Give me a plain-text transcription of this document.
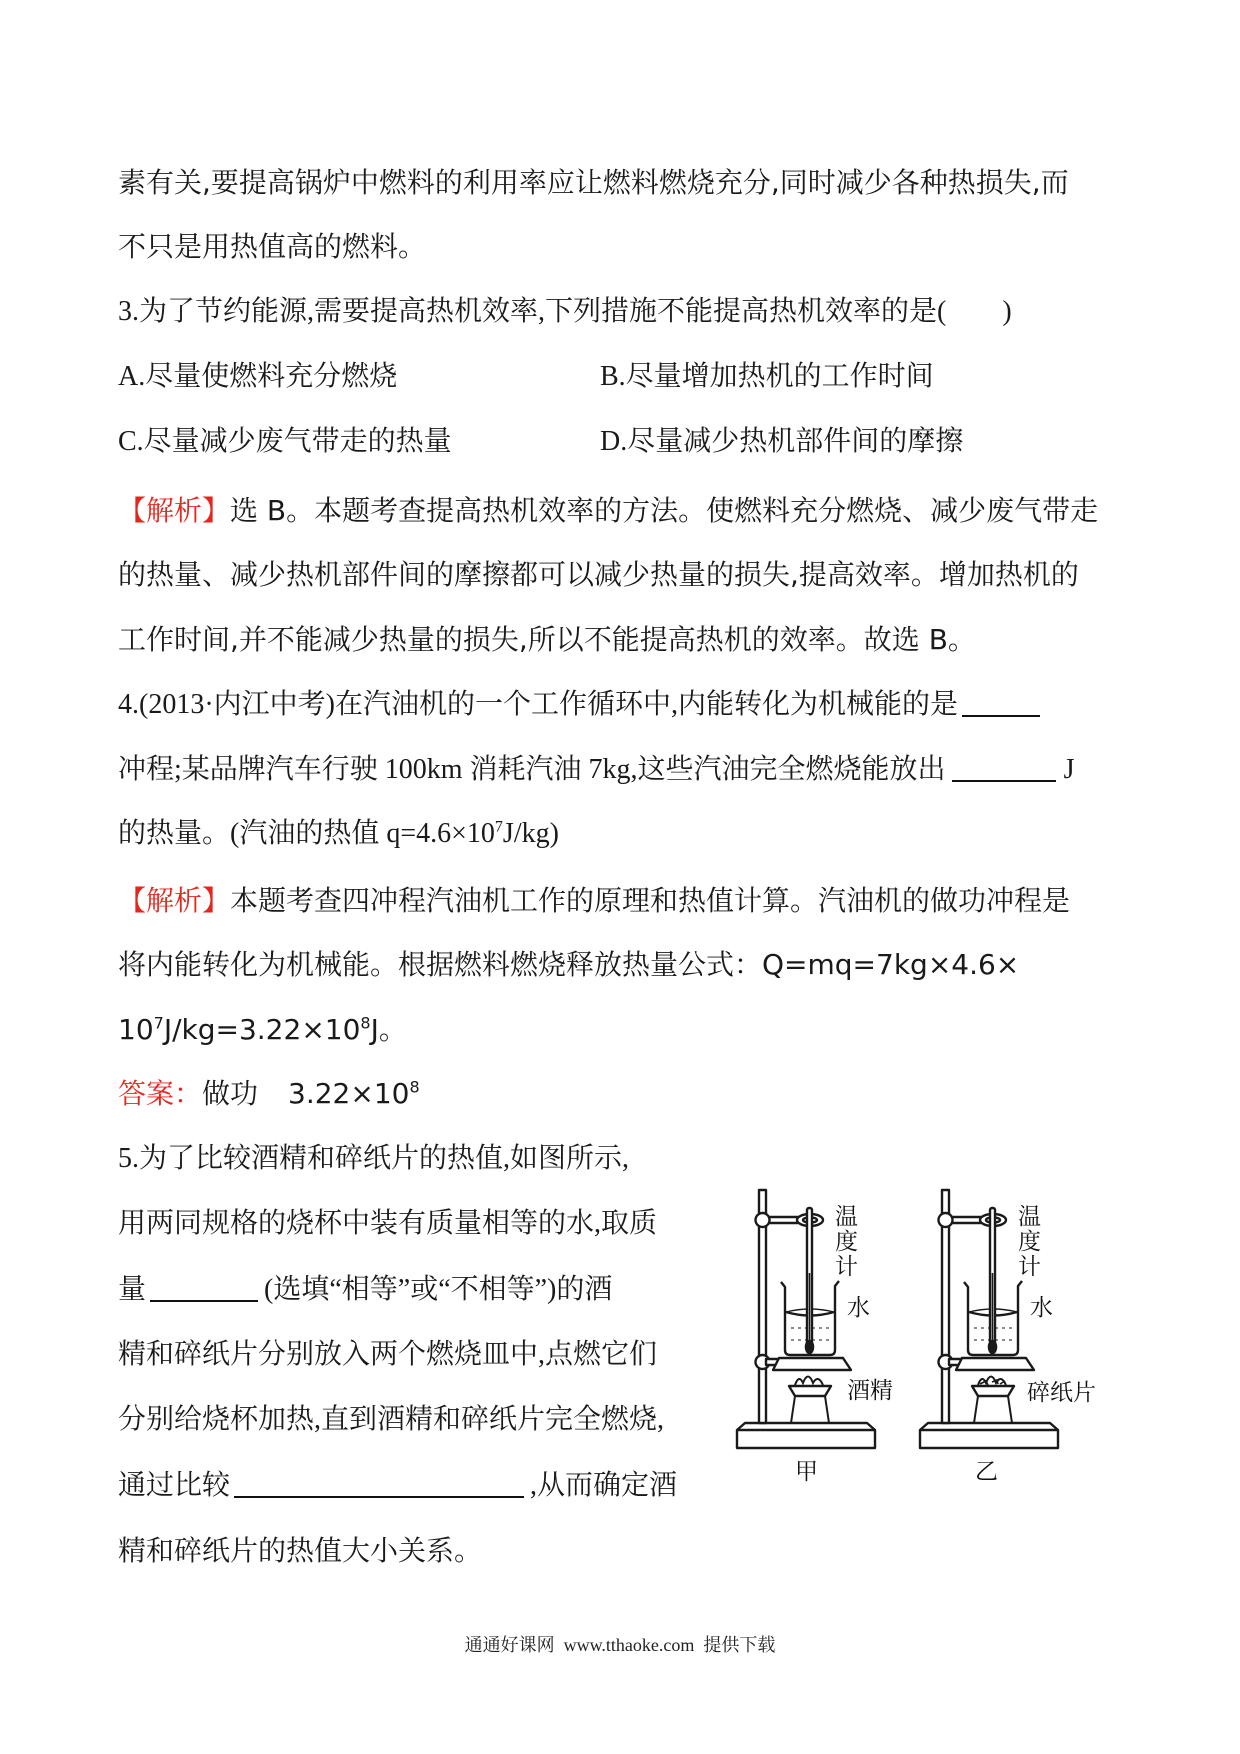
素有关,要提高锅炉中燃料的利用率应让燃料燃烧充分,同时减少各种热损失,而
不只是用热值高的燃料。
3.为了节约能源,需要提高热机效率,下列措施不能提高热机效率的是( )
A.尽量使燃料充分燃烧	B.尽量增加热机的工作时间
C.尽量减少废气带走的热量	D.尽量减少热机部件间的摩擦
【解析】选 B。本题考查提高热机效率的方法。使燃料充分燃烧、减少废气带走
的热量、减少热机部件间的摩擦都可以减少热量的损失,提高效率。增加热机的
工作时间,并不能减少热量的损失,所以不能提高热机的效率。故选 B。
4.(2013·内江中考)在汽油机的一个工作循环中,内能转化为机械能的是
冲程;某品牌汽车行驶 100km 消耗汽油 7kg,这些汽油完全燃烧能放出	J
的热量。(汽油的热值 $q=4.6\times 10^7J/kg$)
【解析】本题考查四冲程汽油机工作的原理和热值计算。汽油机的做功冲程是
将内能转化为机械能。根据燃料燃烧释放热量公式：Q=mq=7kg×4.6×
$10^7J/kg=3.22\times 10^8J$。
答案：做功 $3.22\times 10^8$
5.为了比较酒精和碎纸片的热值,如图所示,
用两同规格的烧杯中装有质量相等的水,取质
量	(选填“相等”或“不相等”)的酒
精和碎纸片分别放入两个燃烧皿中,点燃它们
分别给烧杯加热,直到酒精和碎纸片完全燃烧,
通过比较	,从而确定酒
精和碎纸片的热值大小关系。
温度计
水
酒精
甲
温度计
水
碎纸片
乙
通通好课网  www.tthaoke.com  提供下载
